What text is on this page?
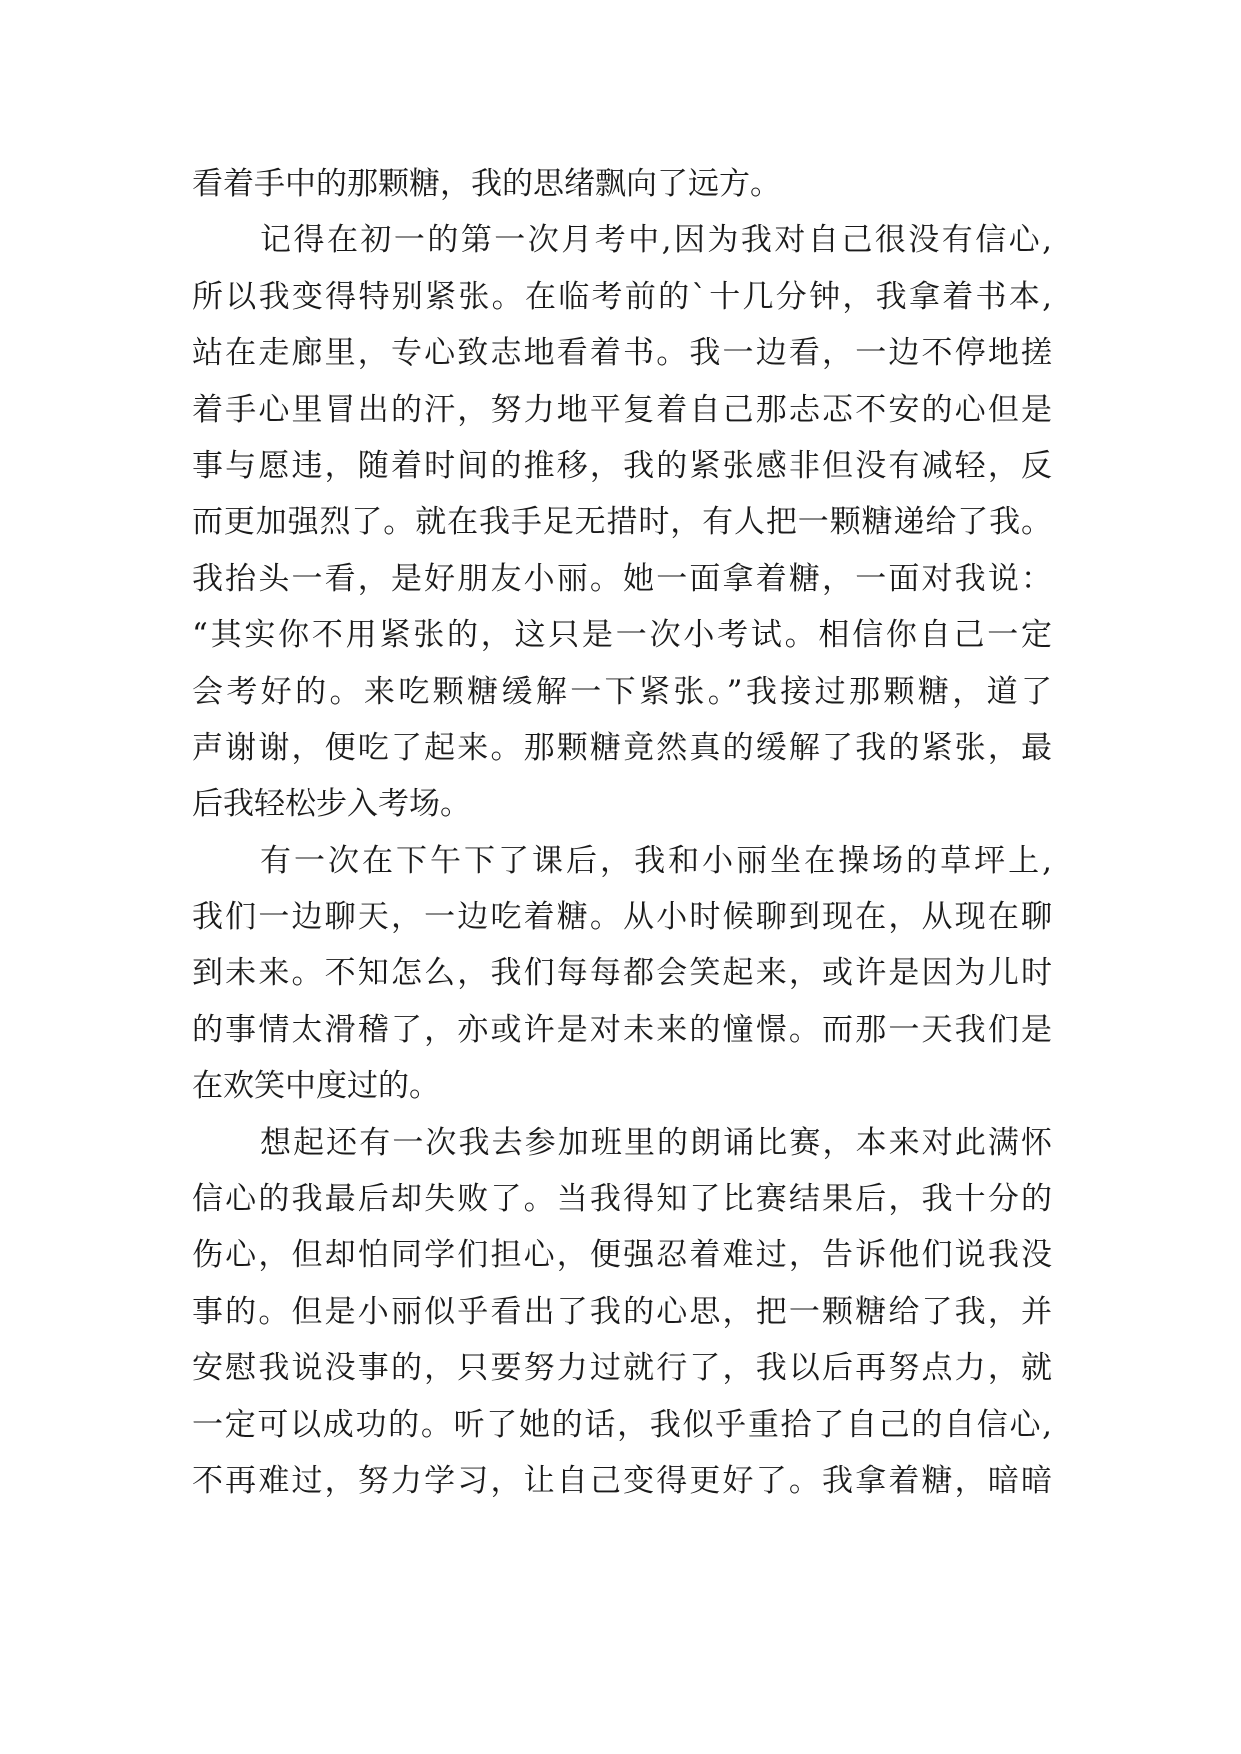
看着手中的那颗糖，我的思绪飘向了远方。
记得在初一的第一次月考中,因为我对自己很没有信心,
所以我变得特别紧张。在临考前的`十几分钟，我拿着书本,
站在走廊里，专心致志地看着书。我一边看，一边不停地搓
着手心里冒出的汗，努力地平复着自己那忐忑不安的心但是
事与愿违，随着时间的推移，我的紧张感非但没有减轻，反
而更加强烈了。就在我手足无措时，有人把一颗糖递给了我。
我抬头一看，是好朋友小丽。她一面拿着糖，一面对我说：
“其实你不用紧张的，这只是一次小考试。相信你自己一定
会考好的。来吃颗糖缓解一下紧张。”我接过那颗糖，道了
声谢谢，便吃了起来。那颗糖竟然真的缓解了我的紧张，最
后我轻松步入考场。
有一次在下午下了课后，我和小丽坐在操场的草坪上,
我们一边聊天，一边吃着糖。从小时候聊到现在，从现在聊
到未来。不知怎么，我们每每都会笑起来，或许是因为儿时
的事情太滑稽了，亦或许是对未来的憧憬。而那一天我们是
在欢笑中度过的。
想起还有一次我去参加班里的朗诵比赛，本来对此满怀
信心的我最后却失败了。当我得知了比赛结果后，我十分的
伤心，但却怕同学们担心，便强忍着难过，告诉他们说我没
事的。但是小丽似乎看出了我的心思，把一颗糖给了我，并
安慰我说没事的，只要努力过就行了，我以后再努点力，就
一定可以成功的。听了她的话，我似乎重拾了自己的自信心,
不再难过，努力学习，让自己变得更好了。我拿着糖，暗暗
